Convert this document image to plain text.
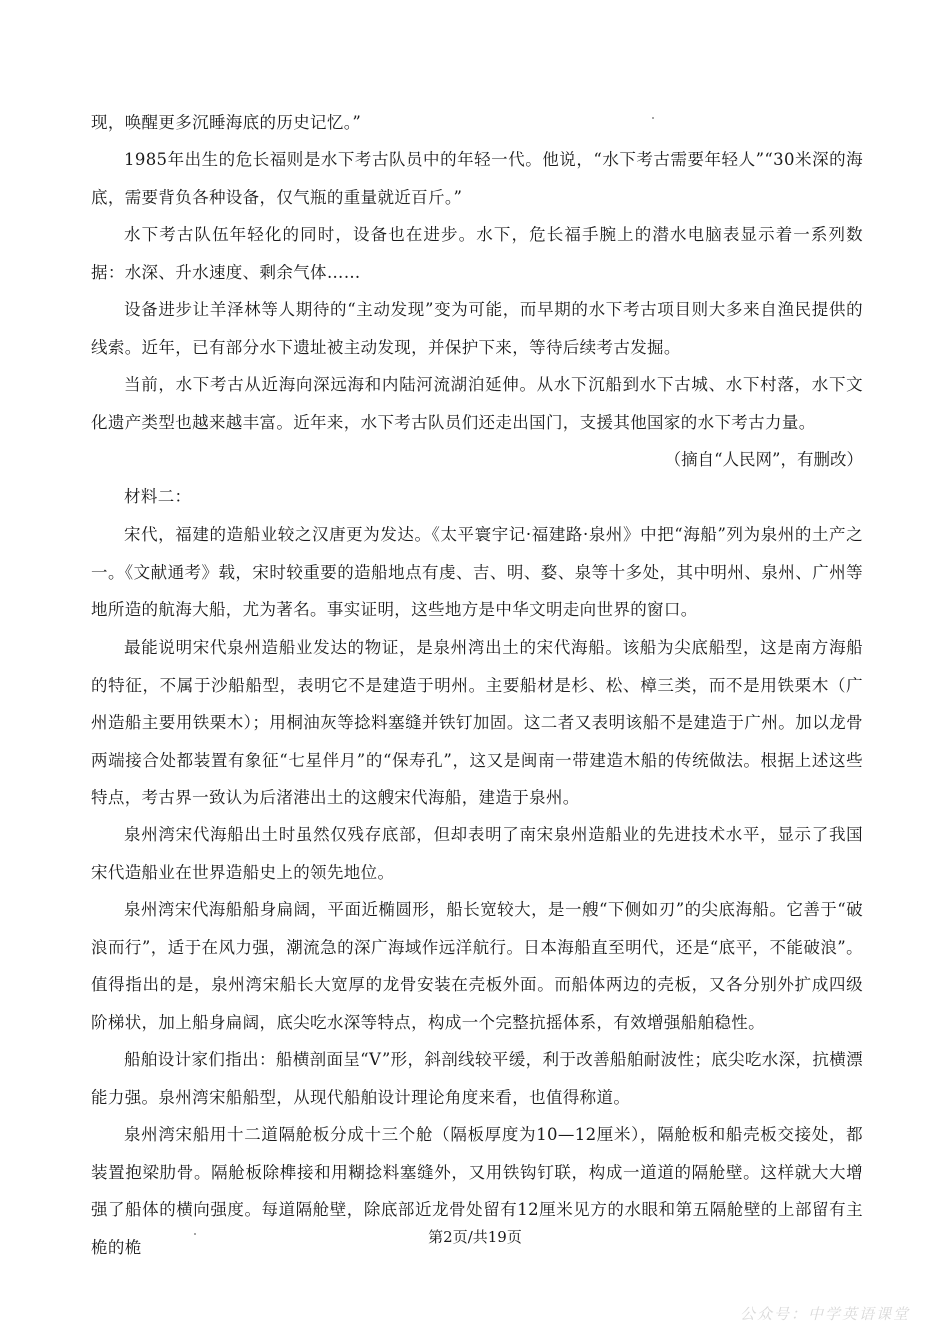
现，唤醒更多沉睡海底的历史记忆。”

1985年出生的危长福则是水下考古队员中的年轻一代。他说，“水下考古需要年轻人”“30米深的海底，需要背负各种设备，仅气瓶的重量就近百斤。”

水下考古队伍年轻化的同时，设备也在进步。水下，危长福手腕上的潜水电脑表显示着一系列数据：水深、升水速度、剩余气体……

设备进步让羊泽林等人期待的“主动发现”变为可能，而早期的水下考古项目则大多来自渔民提供的线索。近年，已有部分水下遗址被主动发现，并保护下来，等待后续考古发掘。

当前，水下考古从近海向深远海和内陆河流湖泊延伸。从水下沉船到水下古城、水下村落，水下文化遗产类型也越来越丰富。近年来，水下考古队员们还走出国门，支援其他国家的水下考古力量。

（摘自“人民网”，有删改）

材料二：

宋代，福建的造船业较之汉唐更为发达。《太平寰宇记·福建路·泉州》中把“海船”列为泉州的土产之一。《文献通考》载，宋时较重要的造船地点有虔、吉、明、婺、泉等十多处，其中明州、泉州、广州等地所造的航海大船，尤为著名。事实证明，这些地方是中华文明走向世界的窗口。

最能说明宋代泉州造船业发达的物证，是泉州湾出土的宋代海船。该船为尖底船型，这是南方海船的特征，不属于沙船船型，表明它不是建造于明州。主要船材是杉、松、樟三类，而不是用铁栗木（广州造船主要用铁栗木）；用桐油灰等捻料塞缝并铁钉加固。这二者又表明该船不是建造于广州。加以龙骨两端接合处都装置有象征“七星伴月”的“保寿孔”，这又是闽南一带建造木船的传统做法。根据上述这些特点，考古界一致认为后渚港出土的这艘宋代海船，建造于泉州。

泉州湾宋代海船出土时虽然仅残存底部，但却表明了南宋泉州造船业的先进技术水平，显示了我国宋代造船业在世界造船史上的领先地位。

泉州湾宋代海船船身扁阔，平面近椭圆形，船长宽较大，是一艘“下侧如刃”的尖底海船。它善于“破浪而行”，适于在风力强，潮流急的深广海域作远洋航行。日本海船直至明代，还是“底平，不能破浪”。值得指出的是，泉州湾宋船长大宽厚的龙骨安装在壳板外面。而船体两边的壳板，又各分别外扩成四级阶梯状，加上船身扁阔，底尖吃水深等特点，构成一个完整抗摇体系，有效增强船舶稳性。

船舶设计家们指出：船横剖面呈“V”形，斜剖线较平缓，利于改善船舶耐波性；底尖吃水深，抗横漂能力强。泉州湾宋船船型，从现代船舶设计理论角度来看，也值得称道。

泉州湾宋船用十二道隔舱板分成十三个舱（隔板厚度为10—12厘米），隔舱板和船壳板交接处，都装置抱梁肋骨。隔舱板除榫接和用糊捻料塞缝外，又用铁钩钉联，构成一道道的隔舱壁。这样就大大增强了船体的横向强度。每道隔舱壁，除底部近龙骨处留有12厘米见方的水眼和第五隔舱壁的上部留有主桅的桅

第2页/共19页

公众号：中学英语课堂
